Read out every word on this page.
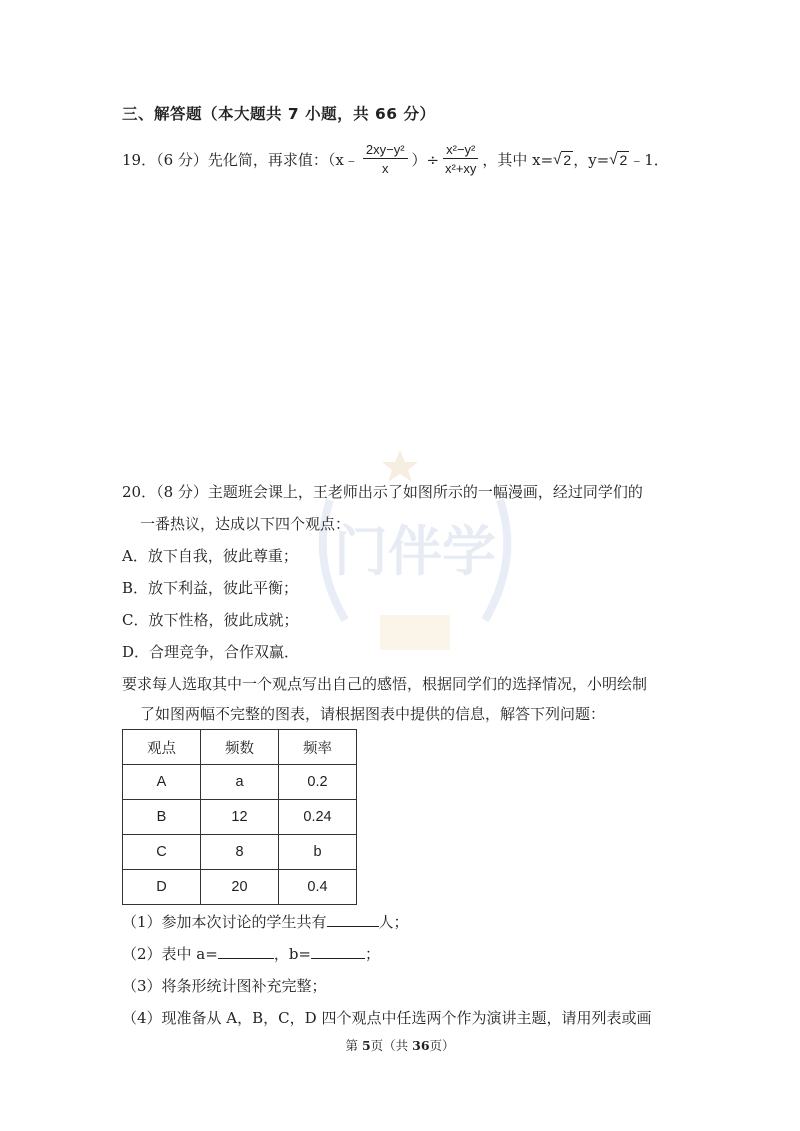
门伴学
三、解答题（本大题共 7 小题，共 66 分）
19．（6 分）先化简，再求值：（x﹣ $\frac{\text{2xy−y²}}{x}$ ）÷ $\frac{\text{x²−y²}}{\text{x²+xy}}$ ，其中 x= √ 2 ，y= √ 2 ﹣1．
20．（8 分）主题班会课上，王老师出示了如图所示的一幅漫画，经过同学们的
一番热议，达成以下四个观点：
A．放下自我，彼此尊重；
B．放下利益，彼此平衡；
C．放下性格，彼此成就；
D．合理竞争，合作双赢．
要求每人选取其中一个观点写出自己的感悟，根据同学们的选择情况，小明绘制
了如图两幅不完整的图表，请根据图表中提供的信息，解答下列问题：
观点	频数	频率
A	a	0.2
B	12	0.24
C	8	b
D	20	0.4
（1）参加本次讨论的学生共有	人；
（2）表中 a=	，b=	；
（3）将条形统计图补充完整；
（4）现准备从 A，B，C，D 四个观点中任选两个作为演讲主题，请用列表或画
第 5页（共 36页）
